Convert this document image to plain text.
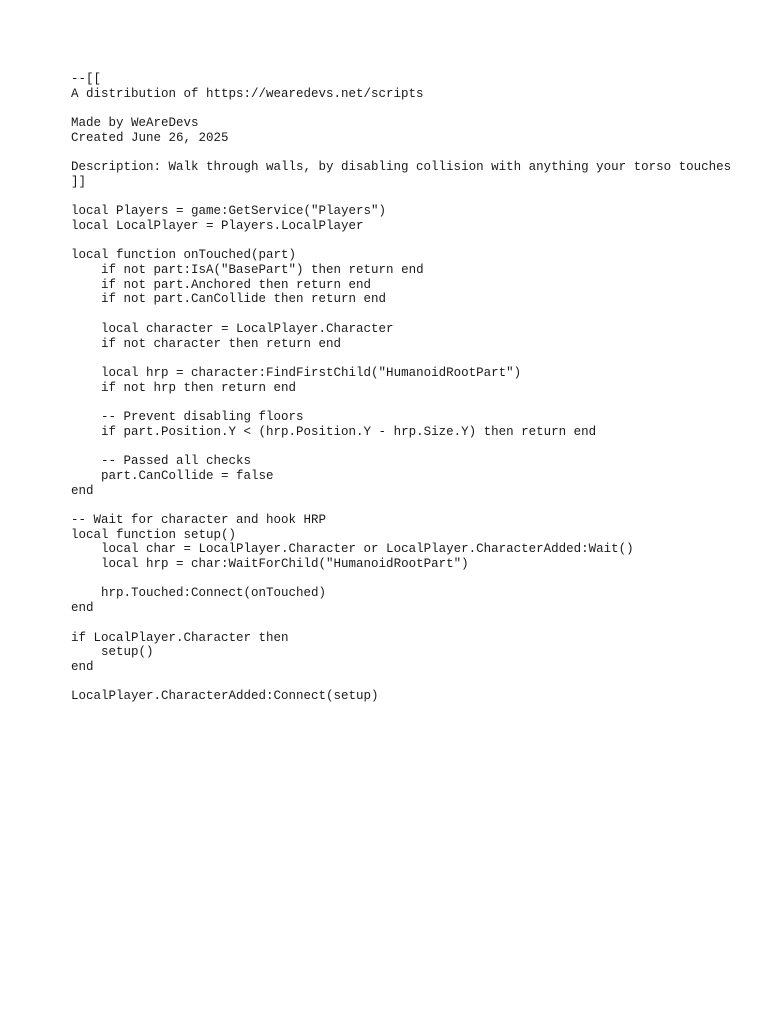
--[[
A distribution of https://wearedevs.net/scripts
Made by WeAreDevs
Created June 26, 2025
Description: Walk through walls, by disabling collision with anything your torso touches
]]
local Players = game:GetService("Players")
local LocalPlayer = Players.LocalPlayer
local function onTouched(part)
if not part:IsA("BasePart") then return end
if not part.Anchored then return end
if not part.CanCollide then return end
local character = LocalPlayer.Character
if not character then return end
local hrp = character:FindFirstChild("HumanoidRootPart")
if not hrp then return end
-- Prevent disabling floors
if part.Position.Y < (hrp.Position.Y - hrp.Size.Y) then return end
-- Passed all checks
part.CanCollide = false
end
-- Wait for character and hook HRP
local function setup()
local char = LocalPlayer.Character or LocalPlayer.CharacterAdded:Wait()
local hrp = char:WaitForChild("HumanoidRootPart")
hrp.Touched:Connect(onTouched)
end
if LocalPlayer.Character then
setup()
end
LocalPlayer.CharacterAdded:Connect(setup)
